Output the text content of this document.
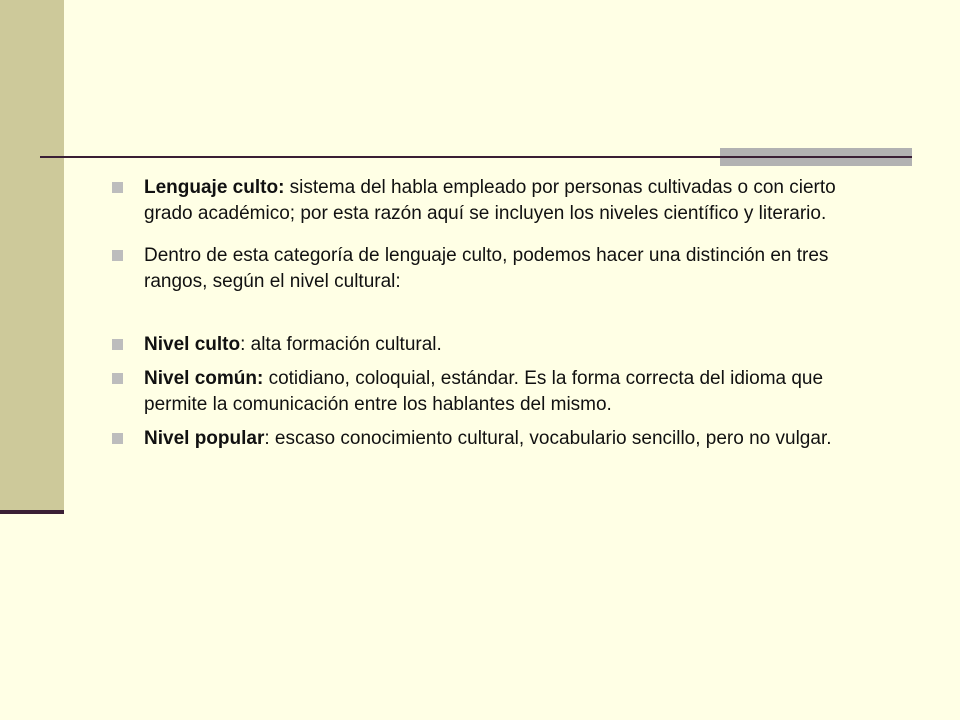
Lenguaje culto: sistema del habla empleado por personas cultivadas o con cierto grado académico; por esta razón aquí se incluyen los niveles científico y literario.
Dentro de esta categoría de lenguaje culto, podemos hacer una distinción en tres rangos, según el nivel cultural:
Nivel culto: alta formación cultural.
Nivel común: cotidiano, coloquial, estándar. Es la forma correcta del idioma que permite la comunicación entre los hablantes del mismo.
Nivel popular: escaso conocimiento cultural, vocabulario sencillo, pero no vulgar.
